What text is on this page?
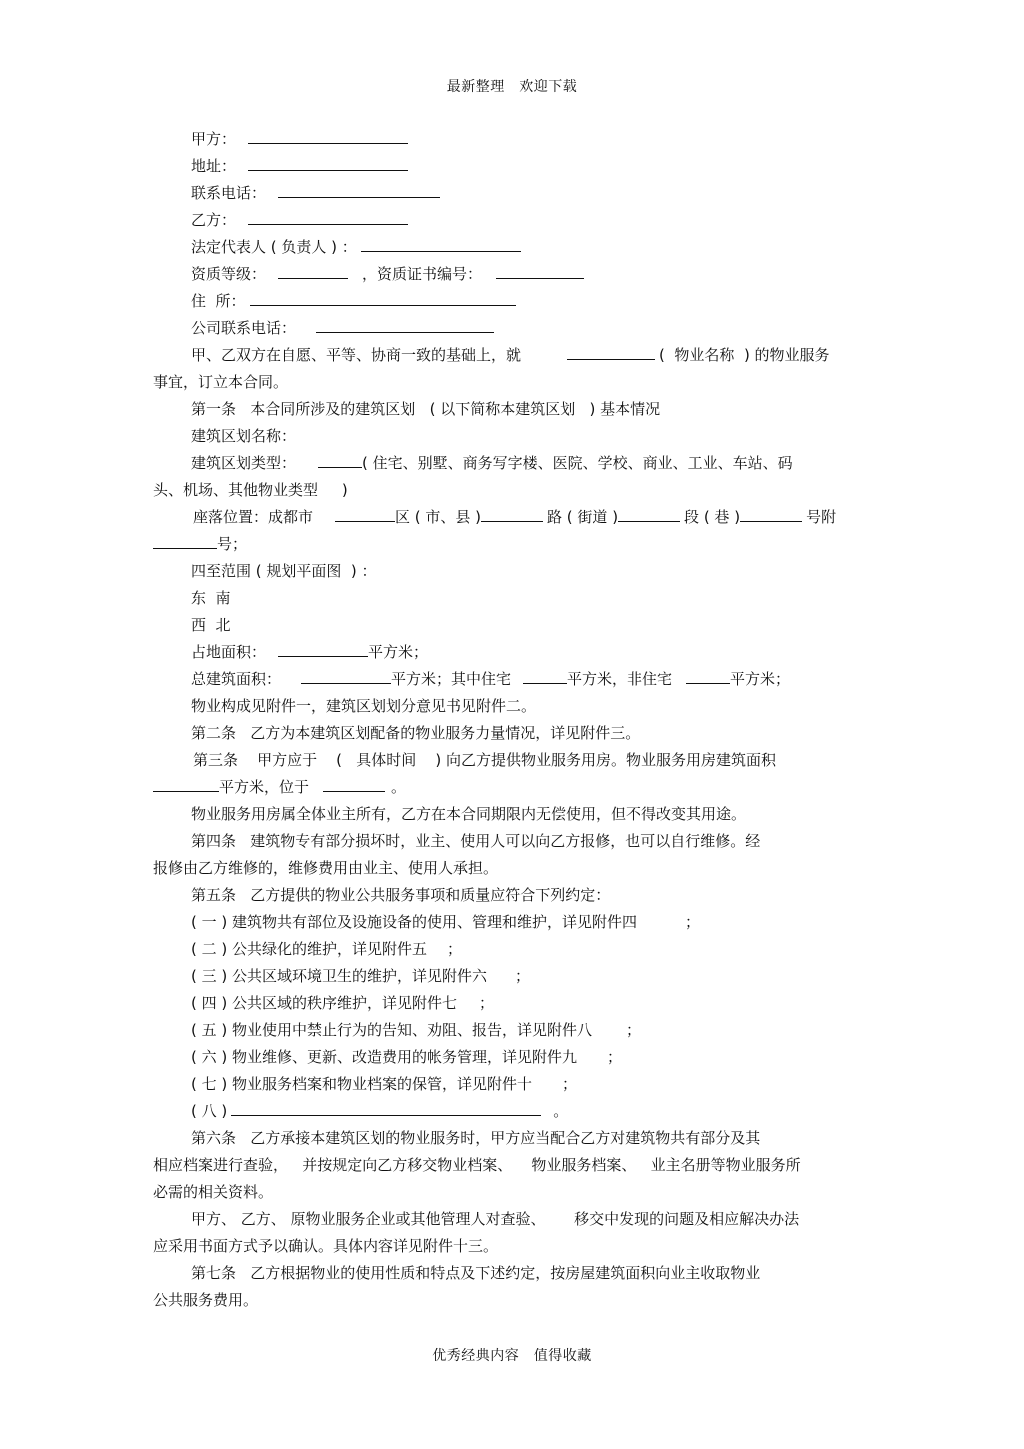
最新整理　欢迎下载
甲方：
地址：
联系电话：
乙方：
法定代表人 ( 负责人 ) ：
资质等级：	，资质证书编号：
住  所：
公司联系电话：
甲、乙双方在自愿、平等、协商一致的基础上，就	(  物业名称  ) 的物业服务
事宜，订立本合同。
第一条   本合同所涉及的建筑区划   ( 以下简称本建筑区划   ) 基本情况
建筑区划名称：
建筑区划类型：	( 住宅、别墅、商务写字楼、医院、学校、商业、工业、车站、码
头、机场、其他物业类型     )
座落位置：成都市	区 ( 市、县 )	路 ( 街道 )	段 ( 巷 )	号附
号；
四至范围 ( 规划平面图  ) ：
东  南
西  北
占地面积：	平方米；
总建筑面积：	平方米；其中住宅	平方米，非住宅	平方米；
物业构成见附件一，建筑区划划分意见书见附件二。
第二条   乙方为本建筑区划配备的物业服务力量情况，详见附件三。
第三条    甲方应于    (   具体时间    ) 向乙方提供物业服务用房。物业服务用房建筑面积
平方米，位于	。
物业服务用房属全体业主所有，乙方在本合同期限内无偿使用，但不得改变其用途。
第四条   建筑物专有部分损坏时，业主、使用人可以向乙方报修，也可以自行维修。经
报修由乙方维修的，维修费用由业主、使用人承担。
第五条   乙方提供的物业公共服务事项和质量应符合下列约定：
( 一 ) 建筑物共有部位及设施设备的使用、管理和维护，详见附件四	；
( 二 ) 公共绿化的维护，详见附件五 ；
( 三 ) 公共区域环境卫生的维护，详见附件六 ；
( 四 ) 公共区域的秩序维护，详见附件七 ；
( 五 ) 物业使用中禁止行为的告知、劝阻、报告，详见附件八 ；
( 六 ) 物业维修、更新、改造费用的帐务管理，详见附件九 ；
( 七 ) 物业服务档案和物业档案的保管，详见附件十 ；
( 八 )	。
第六条   乙方承接本建筑区划的物业服务时，甲方应当配合乙方对建筑物共有部分及其
相应档案进行查验，   并按规定向乙方移交物业档案、    物业服务档案、   业主名册等物业服务所
必需的相关资料。
甲方、 乙方、 原物业服务企业或其他管理人对查验、      移交中发现的问题及相应解决办法
应采用书面方式予以确认。具体内容详见附件十三。
第七条   乙方根据物业的使用性质和特点及下述约定，按房屋建筑面积向业主收取物业
公共服务费用。
优秀经典内容　值得收藏
